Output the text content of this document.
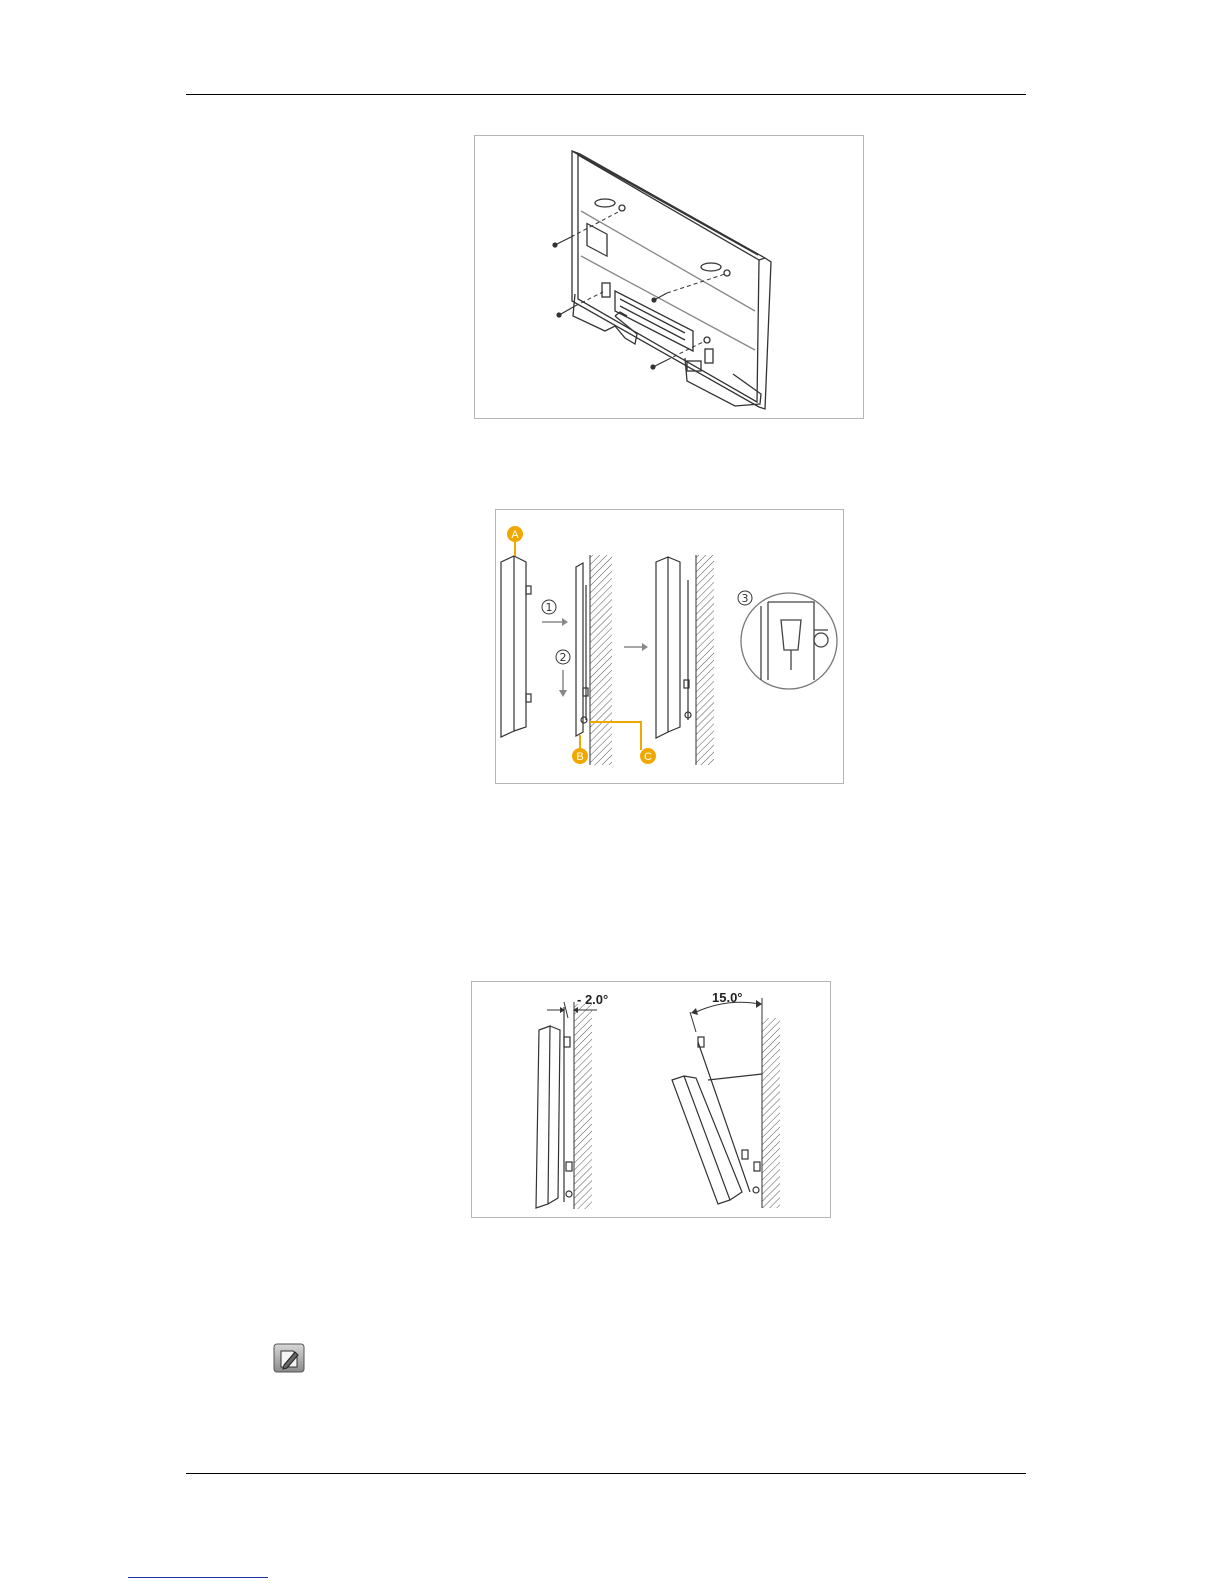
1
2
3
A
B	C
- 2.0°	15.0°
